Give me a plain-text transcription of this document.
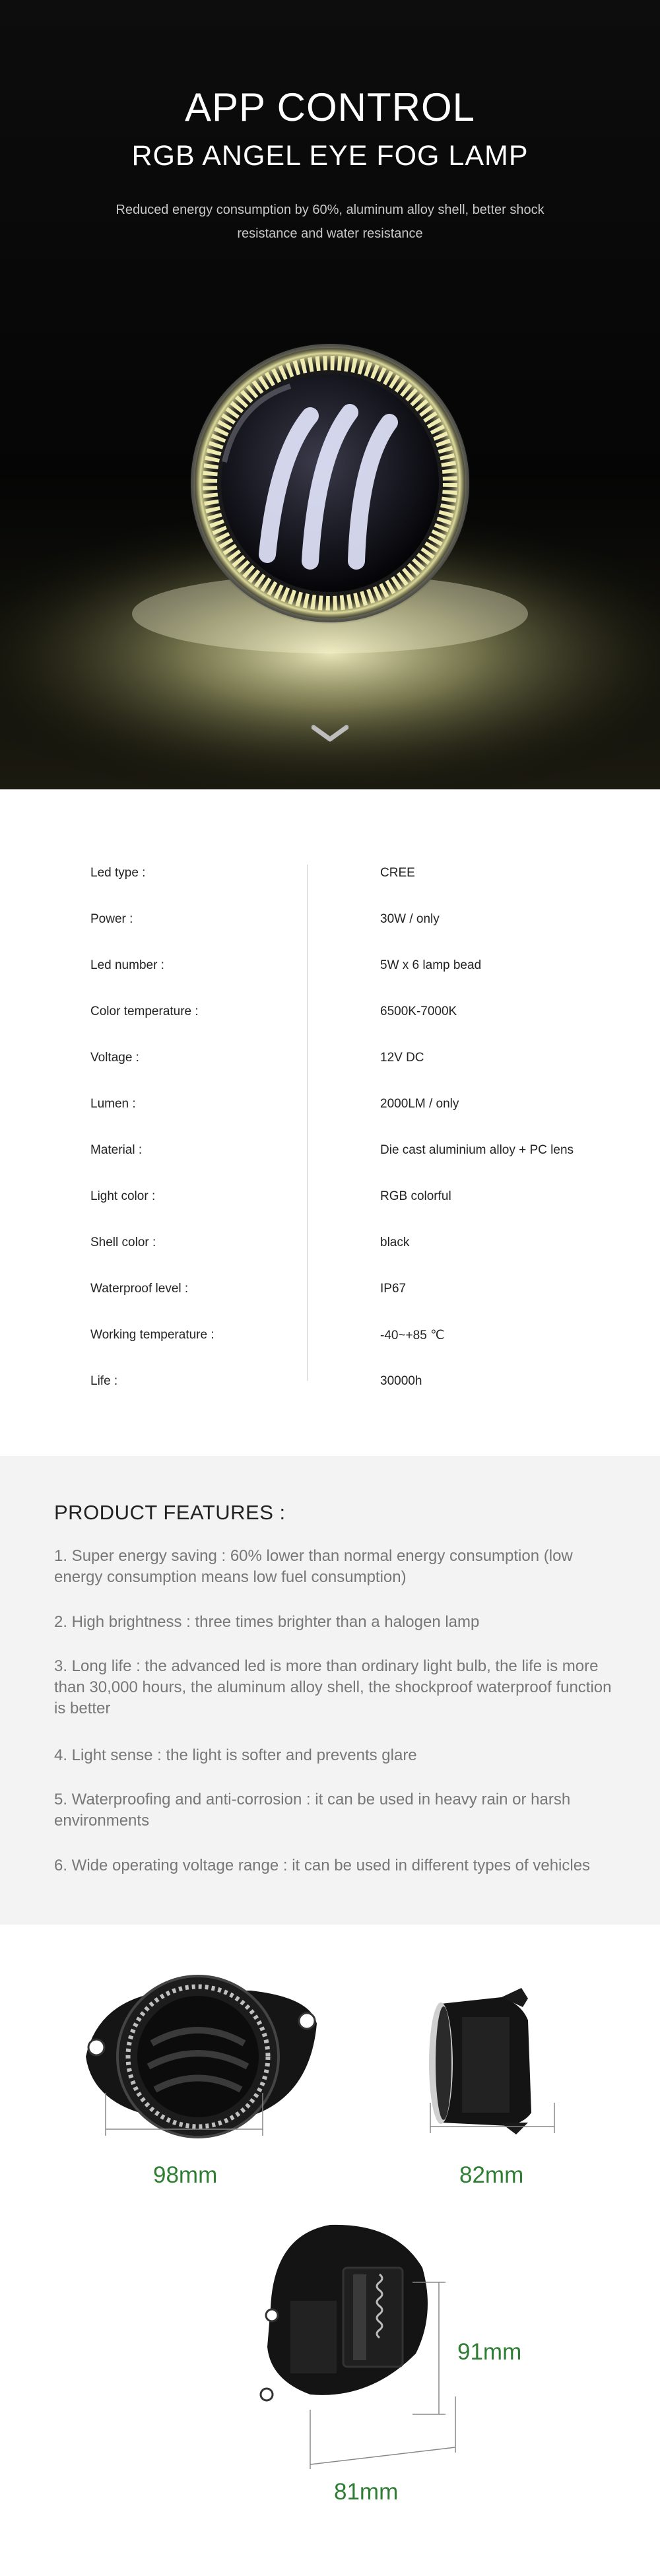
APP CONTROL
RGB ANGEL EYE FOG LAMP

Reduced energy consumption by 60%, aluminum alloy shell, better shock resistance and water resistance

Led type :	CREE
Power :	30W / only
Led number :	5W x 6 lamp bead
Color temperature :	6500K-7000K
Voltage :	12V DC
Lumen :	2000LM / only
Material :	Die cast aluminium alloy + PC lens
Light color :	RGB colorful
Shell color :	black
Waterproof level :	IP67
Working temperature :	-40~+85 ℃
Life :	30000h
PRODUCT FEATURES :

1. Super energy saving : 60% lower than normal energy consumption (low energy consumption means low fuel consumption)

2. High brightness : three times brighter than a halogen lamp

3. Long life : the advanced led is more than ordinary light bulb, the life is more than 30,000 hours, the aluminum alloy shell, the shockproof waterproof function is better

4. Light sense : the light is softer and prevents glare

5. Waterproofing and anti-corrosion : it can be used in heavy rain or harsh environments

6. Wide operating voltage range : it can be used in different types of vehicles

98mm	82mm
91mm
81mm
